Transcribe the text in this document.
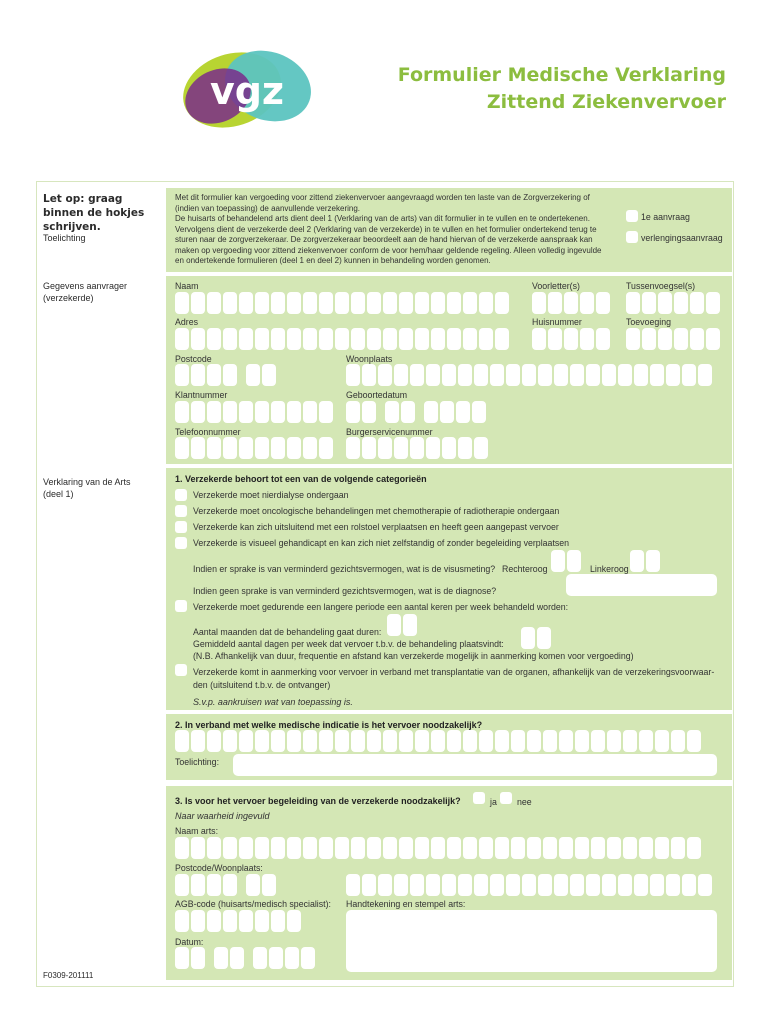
vgz	Formulier Medische Verklaring
Zittend Ziekenvervoer
Let op: graag binnen de hokjes schrijven.
Toelichting
Gegevens aanvrager (verzekerde)
Verklaring van de Arts (deel 1)
F0309-201111
Met dit formulier kan vergoeding voor zittend ziekenvervoer aangevraagd worden ten laste van de Zorgverzekering of
(indien van toepassing) de aanvullende verzekering.
De huisarts of behandelend arts dient deel 1 (Verklaring van de arts) van dit formulier in te vullen en te ondertekenen.
Vervolgens dient de verzekerde deel 2 (Verklaring van de verzekerde) in te vullen en het formulier ondertekend terug te
sturen naar de zorgverzekeraar. De zorgverzekeraar beoordeelt aan de hand hiervan of de verzekerde aanspraak kan
maken op vergoeding voor zittend ziekenvervoer conform de voor hem/haar geldende regeling. Alleen volledig ingevulde
en ondertekende formulieren (deel 1 en deel 2) kunnen in behandeling worden genomen.
1e aanvraag
verlengingsaanvraag
Naam	Voorletter(s)	Tussenvoegsel(s)
Adres	Huisnummer	Toevoeging
Postcode	Woonplaats
Klantnummer	Geboortedatum
Telefoonnummer	Burgerservicenummer
1. Verzekerde behoort tot een van de volgende categorieën
Verzekerde moet nierdialyse ondergaan
Verzekerde moet oncologische behandelingen met chemotherapie of radiotherapie ondergaan
Verzekerde kan zich uitsluitend met een rolstoel verplaatsen en heeft geen aangepast vervoer
Verzekerde is visueel gehandicapt en kan zich niet zelfstandig of zonder begeleiding verplaatsen
Indien er sprake is van verminderd gezichtsvermogen, wat is de visusmeting? Rechteroog	Linkeroog
Indien geen sprake is van verminderd gezichtsvermogen, wat is de diagnose?
Verzekerde moet gedurende een langere periode een aantal keren per week behandeld worden:
Aantal maanden dat de behandeling gaat duren:
Gemiddeld aantal dagen per week dat vervoer t.b.v. de behandeling plaatsvindt:
(N.B. Afhankelijk van duur, frequentie en afstand kan verzekerde mogelijk in aanmerking komen voor vergoeding)
Verzekerde komt in aanmerking voor vervoer in verband met transplantatie van de organen, afhankelijk van de verzekeringsvoorwaar-
den (uitsluitend t.b.v. de ontvanger)
S.v.p. aankruisen wat van toepassing is.
2. In verband met welke medische indicatie is het vervoer noodzakelijk?
Toelichting:
3. Is voor het vervoer begeleiding van de verzekerde noodzakelijk?	ja nee
Naar waarheid ingevuld
Naam arts:
Postcode/Woonplaats:
AGB-code (huisarts/medisch specialist): Handtekening en stempel arts:
Datum:
